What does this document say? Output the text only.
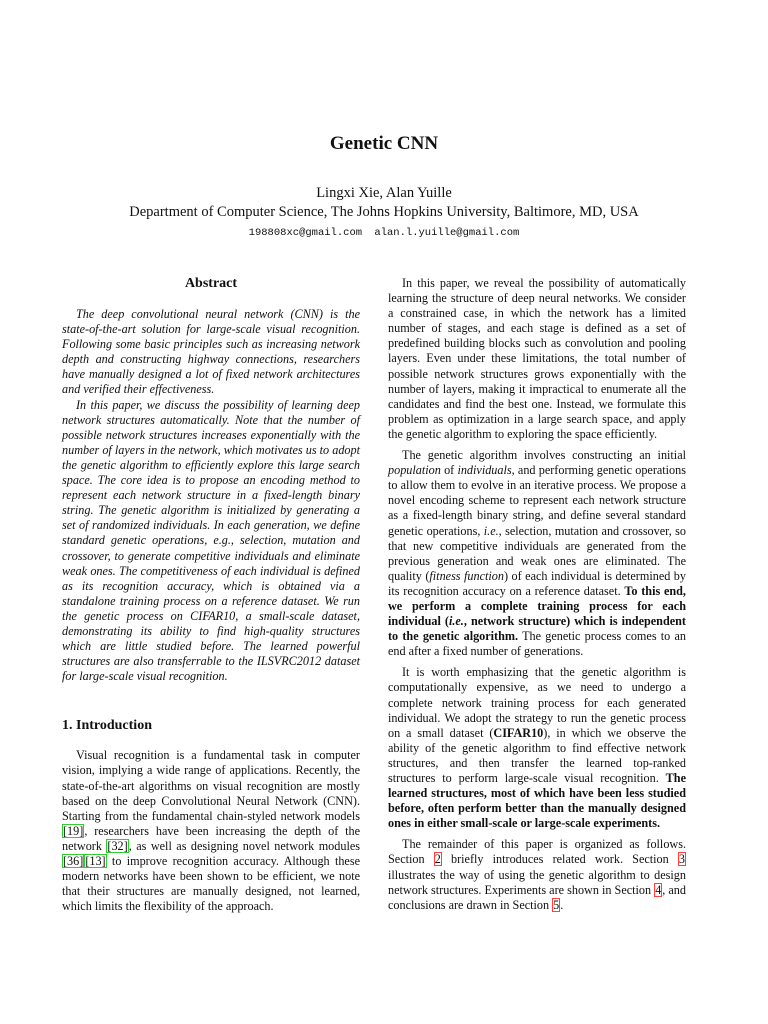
Genetic CNN
Lingxi Xie, Alan Yuille
Department of Computer Science, The Johns Hopkins University, Baltimore, MD, USA
198808xc@gmail.com alan.l.yuille@gmail.com
Abstract

The deep convolutional neural network (CNN) is the state-of-the-art solution for large-scale visual recognition. Following some basic principles such as increasing network depth and constructing highway connections, researchers have manually designed a lot of fixed network architectures and verified their effectiveness.

In this paper, we discuss the possibility of learning deep network structures automatically. Note that the number of possible network structures increases exponentially with the number of layers in the network, which motivates us to adopt the genetic algorithm to efficiently explore this large search space. The core idea is to propose an encoding method to represent each network structure in a fixed-length binary string. The genetic algorithm is initialized by generating a set of randomized individuals. In each generation, we define standard genetic operations, e.g., selection, mutation and crossover, to generate competitive individuals and eliminate weak ones. The competitiveness of each individual is defined as its recognition accuracy, which is obtained via a standalone training process on a reference dataset. We run the genetic process on CIFAR10, a small-scale dataset, demonstrating its ability to find high-quality structures which are little studied before. The learned powerful structures are also transferrable to the ILSVRC2012 dataset for large-scale visual recognition.

1. Introduction

Visual recognition is a fundamental task in computer vision, implying a wide range of applications. Recently, the state-of-the-art algorithms on visual recognition are mostly based on the deep Convolutional Neural Network (CNN). Starting from the fundamental chain-styled network models [19], researchers have been increasing the depth of the network [32], as well as designing novel network modules [36] [13] to improve recognition accuracy. Although these modern networks have been shown to be efficient, we note that their structures are manually designed, not learned, which limits the flexibility of the approach.

In this paper, we reveal the possibility of automatically learning the structure of deep neural networks. We consider a constrained case, in which the network has a limited number of stages, and each stage is defined as a set of predefined building blocks such as convolution and pooling layers. Even under these limitations, the total number of possible network structures grows exponentially with the number of layers, making it impractical to enumerate all the candidates and find the best one. Instead, we formulate this problem as optimization in a large search space, and apply the genetic algorithm to exploring the space efficiently.

The genetic algorithm involves constructing an initial population of individuals, and performing genetic operations to allow them to evolve in an iterative process. We propose a novel encoding scheme to represent each network structure as a fixed-length binary string, and define several standard genetic operations, i.e., selection, mutation and crossover, so that new competitive individuals are generated from the previous generation and weak ones are eliminated. The quality (fitness function) of each individual is determined by its recognition accuracy on a reference dataset. To this end, we perform a complete training process for each individual (i.e., network structure) which is independent to the genetic algorithm. The genetic process comes to an end after a fixed number of generations.

It is worth emphasizing that the genetic algorithm is computationally expensive, as we need to undergo a complete network training process for each generated individual. We adopt the strategy to run the genetic process on a small dataset (CIFAR10), in which we observe the ability of the genetic algorithm to find effective network structures, and then transfer the learned top-ranked structures to perform large-scale visual recognition. The learned structures, most of which have been less studied before, often perform better than the manually designed ones in either small-scale or large-scale experiments.

The remainder of this paper is organized as follows. Section 2 briefly introduces related work. Section 3 illustrates the way of using the genetic algorithm to design network structures. Experiments are shown in Section 4, and conclusions are drawn in Section 5.
